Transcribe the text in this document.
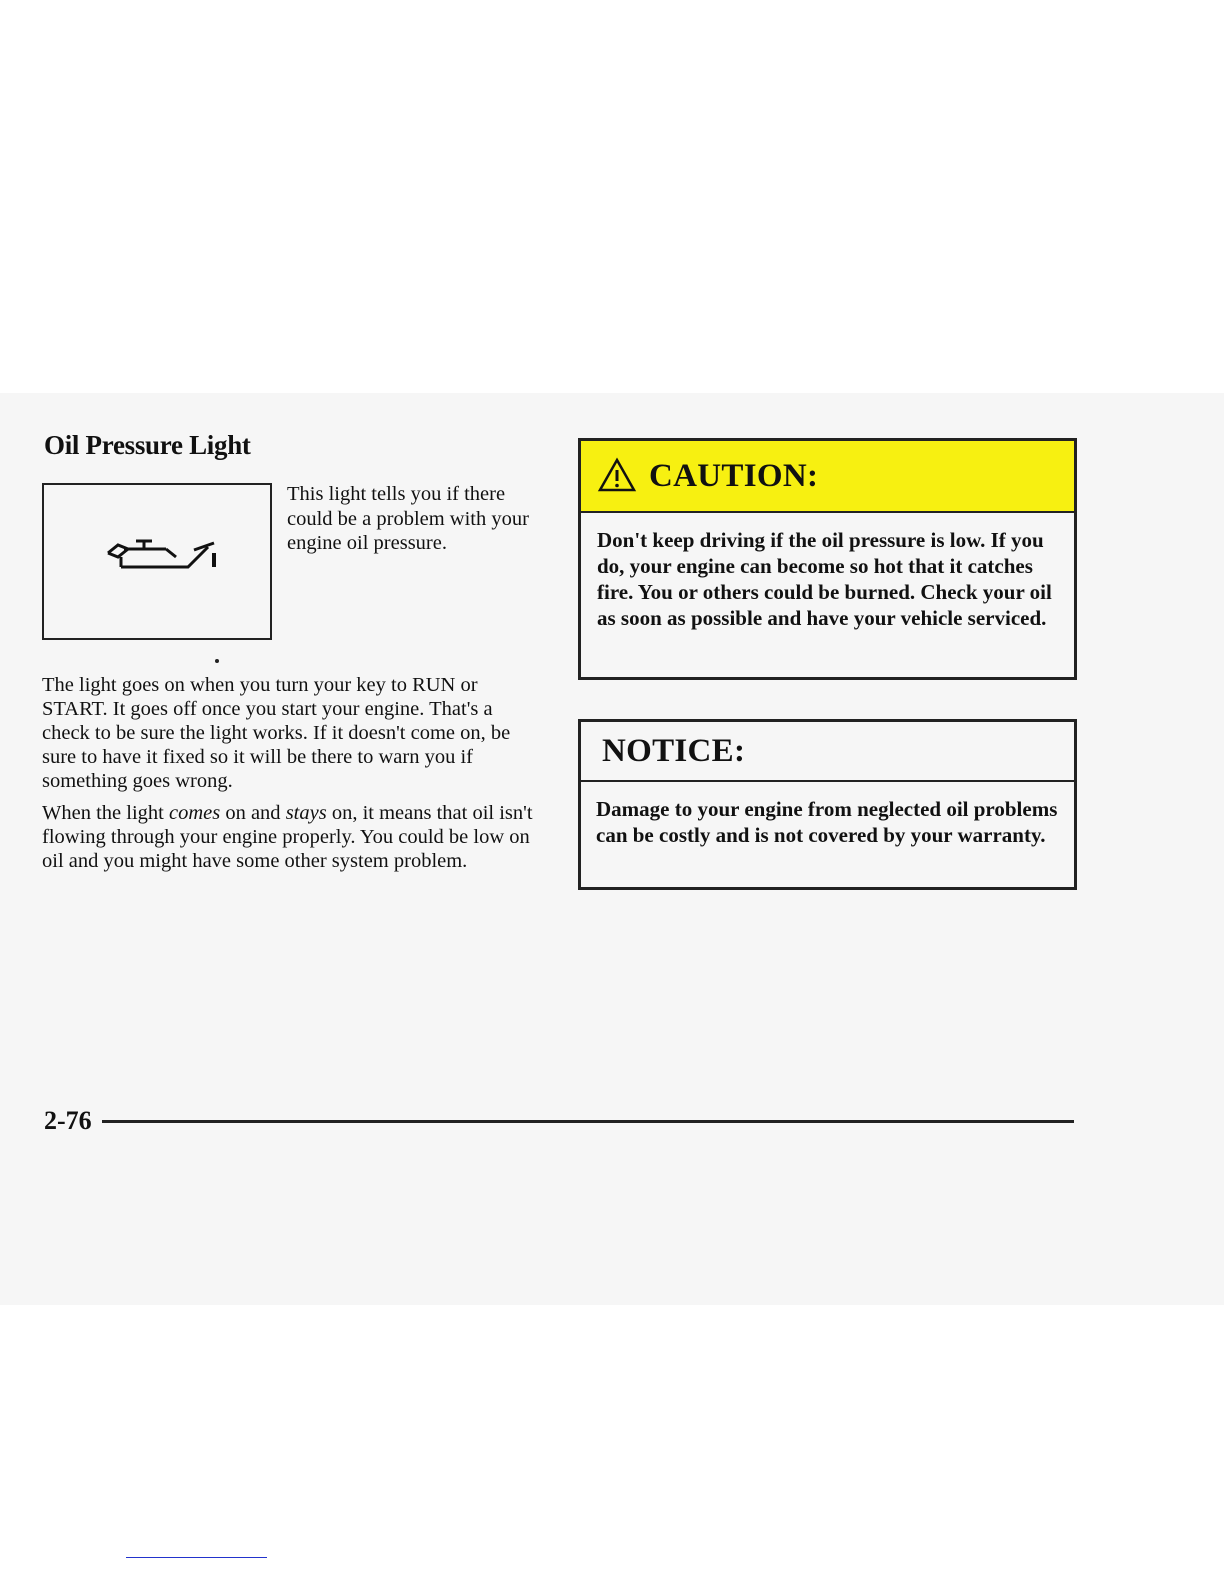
Oil Pressure Light

This light tells you if there could be a problem with your engine oil pressure.

The light goes on when you turn your key to RUN or START. It goes off once you start your engine. That's a check to be sure the light works. If it doesn't come on, be sure to have it fixed so it will be there to warn you if something goes wrong.

When the light comes on and stays on, it means that oil isn't flowing through your engine properly. You could be low on oil and you might have some other system problem.

CAUTION:

Don't keep driving if the oil pressure is low. If you do, your engine can become so hot that it catches fire. You or others could be burned. Check your oil as soon as possible and have your vehicle serviced.

NOTICE:

Damage to your engine from neglected oil problems can be costly and is not covered by your warranty.

2-76
